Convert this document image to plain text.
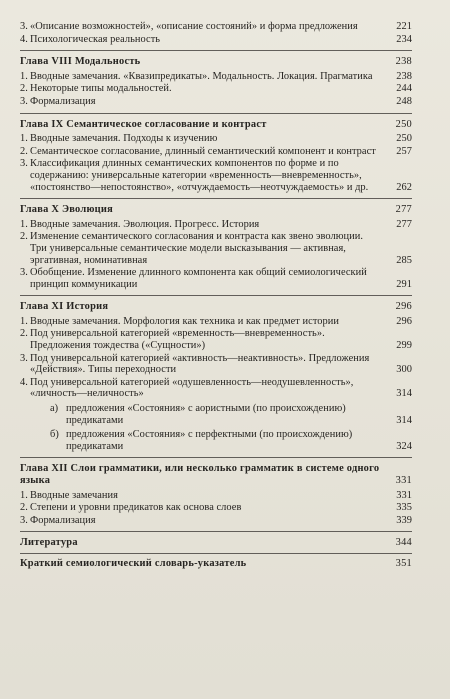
3. «Описание возможностей», «описание состояний» и форма предложения	221
4. Психологическая реальность	234
Глава VIII Модальность	238
1. Вводные замечания. «Квазипредикаты». Модальность. Локация. Прагматика	238
2. Некоторые типы модальностей.	244
3. Формализация	248
Глава IX Семантическое согласование и контраст	250
1. Вводные замечания. Подходы к изучению	250
2. Семантическое согласование, длинный семантический компонент и контраст	257
3. Классификация длинных семантических компонентов по форме и по содержанию: универсальные категории «временность—вневременность», «постоянство—непостоянство», «отчуждаемость—неотчуждаемость» и др.	262
Глава X Эволюция	277
1. Вводные замечания. Эволюция. Прогресс. История	277
2. Изменение семантического согласования и контраста как звено эволюции. Три универсальные семантические модели высказывания — активная, эргативная, номинативная	285
3. Обобщение. Изменение длинного компонента как общий семиологический принцип коммуникации	291
Глава XI История	296
1. Вводные замечания. Морфология как техника и как предмет истории	296
2. Под универсальной категорией «временность—вневременность». Предложения тождества («Сущности»)	299
3. Под универсальной категорией «активность—неактивность». Предложения «Действия». Типы переходности	300
4. Под универсальной категорией «одушевленность—неодушевленность», «личность—неличность»	314
а) предложения «Состояния» с аористными (по происхождению) предикатами	314
б) предложения «Состояния» с перфектными (по происхождению) предикатами	324
Глава XII Слои грамматики, или несколько грамматик в системе одного языка	331
1. Вводные замечания	331
2. Степени и уровни предикатов как основа слоев	335
3. Формализация	339
Литература	344
Краткий семиологический словарь-указатель	351
